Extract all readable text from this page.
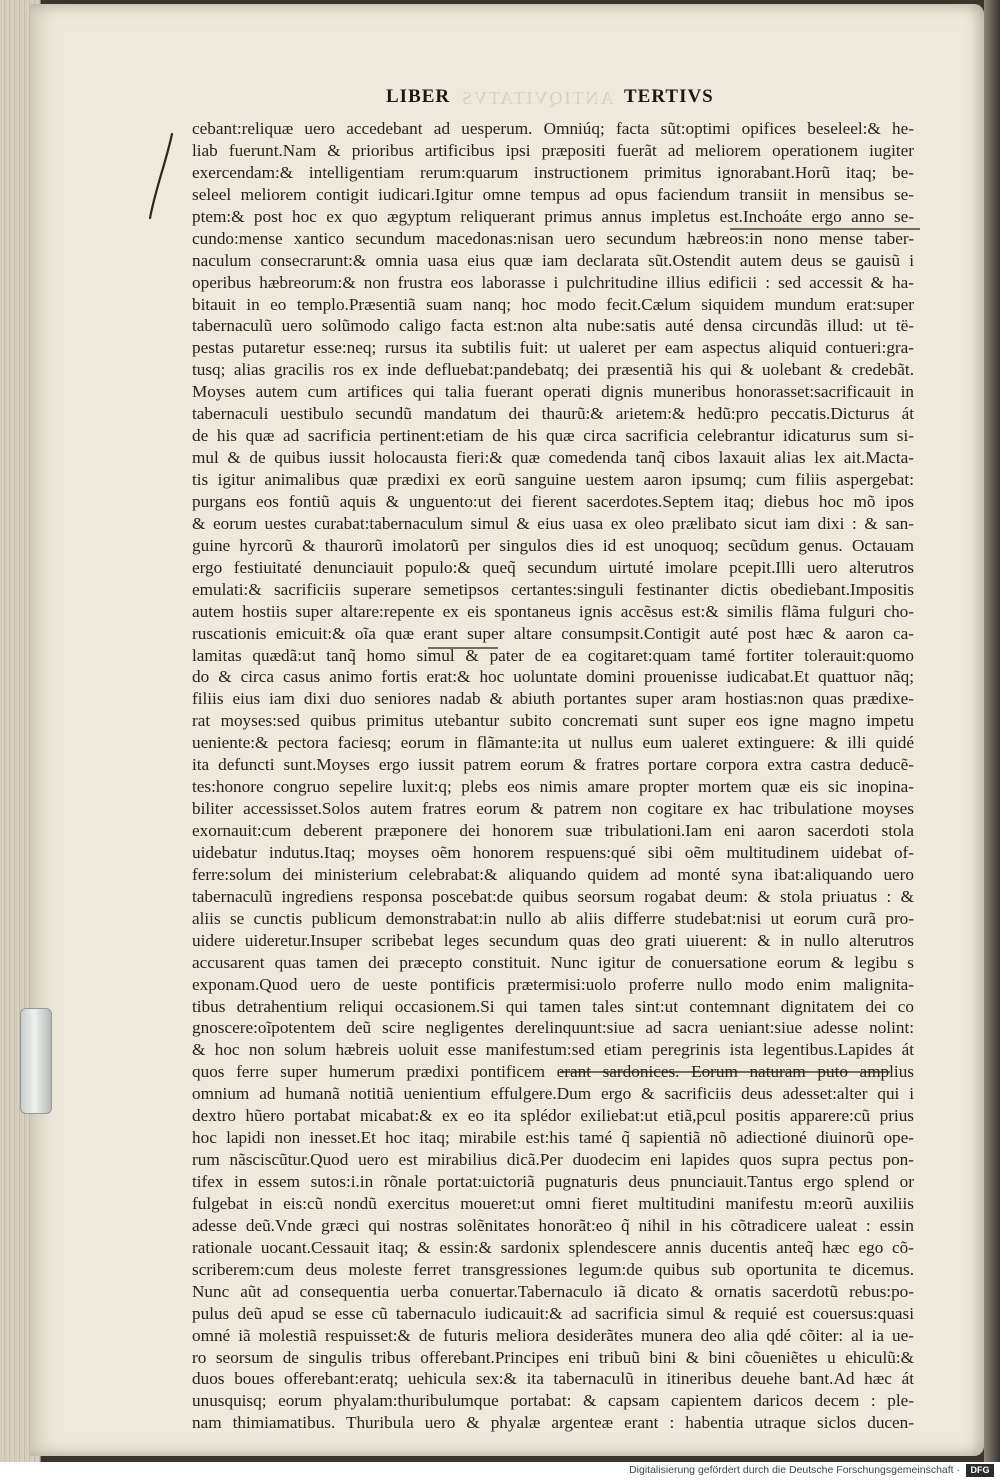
ANTIQVITATVS
LIBER	TERTIVS
cebant:reliquæ uero accedebant ad uesperum. Omniúq; facta sũt:optimi opifices beseleel:& he-
liab fuerunt.Nam & prioribus artificibus ipsi præpositi fuerãt ad meliorem operationem iugiter
exercendam:& intelligentiam rerum:quarum instructionem primitus ignorabant.Horũ itaq; be-
seleel meliorem contigit iudicari.Igitur omne tempus ad opus faciendum transiit in mensibus se-
ptem:& post hoc ex quo ægyptum reliquerant primus annus impletus est.Inchoáte ergo anno se-
cundo:mense xantico secundum macedonas:nisan uero secundum hæbreos:in nono mense taber-
naculum consecrarunt:& omnia uasa eius quæ iam declarata sũt.Ostendit autem deus se gauisũ i
operibus hæbreorum:& non frustra eos laborasse i pulchritudine illius edificii : sed accessit & ha-
bitauit in eo templo.Præsentiã suam nanq; hoc modo fecit.Cælum siquidem mundum erat:super
tabernaculũ uero solũmodo caligo facta est:non alta nube:satis auté densa circundãs illud: ut të-
pestas putaretur esse:neq; rursus ita subtilis fuit: ut ualeret per eam aspectus aliquid contueri:gra-
tusq; alias gracilis ros ex inde defluebat:pandebatq; dei præsentiã his qui & uolebant & credebãt.
Moyses autem cum artifices qui talia fuerant operati dignis muneribus honorasset:sacrificauit in
tabernaculi uestibulo secundũ mandatum dei thaurũ:& arietem:& hedũ:pro peccatis.Dicturus át
de his quæ ad sacrificia pertinent:etiam de his quæ circa sacrificia celebrantur idicaturus sum si-
mul & de quibus iussit holocausta fieri:& quæ comedenda tanq̃ cibos laxauit alias lex ait.Macta-
tis igitur animalibus quæ prædixi ex eorũ sanguine uestem aaron ipsumq; cum filiis aspergebat:
purgans eos fontiũ aquis & unguento:ut dei fierent sacerdotes.Septem itaq; diebus hoc mõ ipos
& eorum uestes curabat:tabernaculum simul & eius uasa ex oleo prælibato sicut iam dixi : & san-
guine hyrcorũ & thaurorũ imolatorũ per singulos dies id est unoquoq; secũdum genus. Octauam
ergo festiuitaté denunciauit populo:& queq̃ secundum uirtuté imolare pcepit.Illi uero alterutros
emulati:& sacrificiis superare semetipsos certantes:singuli festinanter dictis obediebant.Impositis
autem hostiis super altare:repente ex eis spontaneus ignis accẽsus est:& similis flãma fulguri cho-
ruscationis emicuit:& oĩa quæ erant super altare consumpsit.Contigit auté post hæc & aaron ca-
lamitas quædã:ut tanq̃ homo simul & pater de ea cogitaret:quam tamé fortiter tolerauit:quomo
do & circa casus animo fortis erat:& hoc uoluntate domini prouenisse iudicabat.Et quattuor nãq;
filiis eius iam dixi duo seniores nadab & abiuth portantes super aram hostias:non quas prædixe-
rat moyses:sed quibus primitus utebantur subito concremati sunt super eos igne magno impetu
ueniente:& pectora faciesq; eorum in flãmante:ita ut nullus eum ualeret extinguere: & illi quidé
ita defuncti sunt.Moyses ergo iussit patrem eorum & fratres portare corpora extra castra deducẽ-
tes:honore congruo sepelire luxit:q; plebs eos nimis amare propter mortem quæ eis sic inopina-
biliter accessisset.Solos autem fratres eorum & patrem non cogitare ex hac tribulatione moyses
exornauit:cum deberent præponere dei honorem suæ tribulationi.Iam eni aaron sacerdoti stola
uidebatur indutus.Itaq; moyses oẽm honorem respuens:qué sibi oẽm multitudinem uidebat of-
ferre:solum dei ministerium celebrabat:& aliquando quidem ad monté syna ibat:aliquando uero
tabernaculũ ingrediens responsa poscebat:de quibus seorsum rogabat deum: & stola priuatus : &
aliis se cunctis publicum demonstrabat:in nullo ab aliis differre studebat:nisi ut eorum curã pro-
uidere uideretur.Insuper scribebat leges secundum quas deo grati uiuerent: & in nullo alterutros
accusarent quas tamen dei præcepto constituit. Nunc igitur de conuersatione eorum & legibu s
exponam.Quod uero de ueste pontificis prætermisi:uolo proferre nullo modo enim malignita-
tibus detrahentium reliqui occasionem.Si qui tamen tales sint:ut contemnant dignitatem dei co
gnoscere:oĩpotentem deũ scire negligentes derelinquunt:siue ad sacra ueniant:siue adesse nolint:
& hoc non solum hæbreis uoluit esse manifestum:sed etiam peregrinis ista legentibus.Lapides át
quos ferre super humerum prædixi pontificem erant sardonices. Eorum naturam puto amplius
omnium ad humanã notitiã uenientium effulgere.Dum ergo & sacrificiis deus adesset:alter qui i
dextro hũero portabat micabat:& ex eo ita splédor exiliebat:ut etiã,pcul positis apparere:cũ prius
hoc lapidi non inesset.Et hoc itaq; mirabile est:his tamé q̃ sapientiã nõ adiectioné diuinorũ ope-
rum nãsciscũtur.Quod uero est mirabilius dicã.Per duodecim eni lapides quos supra pectus pon-
tifex in essem sutos:i.in rõnale portat:uictoriã pugnaturis deus pnunciauit.Tantus ergo splend or
fulgebat in eis:cũ nondũ exercitus moueret:ut omni fieret multitudini manifestu m:eorũ auxiliis
adesse deũ.Vnde græci qui nostras solẽnitates honorãt:eo q̃ nihil in his cõtradicere ualeat : essin
rationale uocant.Cessauit itaq; & essin:& sardonix splendescere annis ducentis anteq̃ hæc ego cõ-
scriberem:cum deus moleste ferret transgressiones legum:de quibus sub oportunita te dicemus.
Nunc aũt ad consequentia uerba conuertar.Tabernaculo iã dicato & ornatis sacerdotũ rebus:po-
pulus deũ apud se esse cũ tabernaculo iudicauit:& ad sacrificia simul & requié est couersus:quasi
omné iã molestiã respuisset:& de futuris meliora desiderãtes munera deo alia qdé cõiter: al ia ue-
ro seorsum de singulis tribus offerebant.Principes eni tribuũ bini & bini cõueniẽtes u ehiculũ:&
duos boues offerebant:eratq; uehicula sex:& ita tabernaculũ in itineribus deuehe bant.Ad hæc át
unusquisq; eorum phyalam:thuribulumque portabat: & capsam capientem daricos decem : ple-
nam thimiamatibus. Thuribula uero & phyalæ argenteæ erant : habentia utraque siclos ducen-
Digitalisierung gefördert durch die Deutsche Forschungsgemeinschaft ·	DFG
